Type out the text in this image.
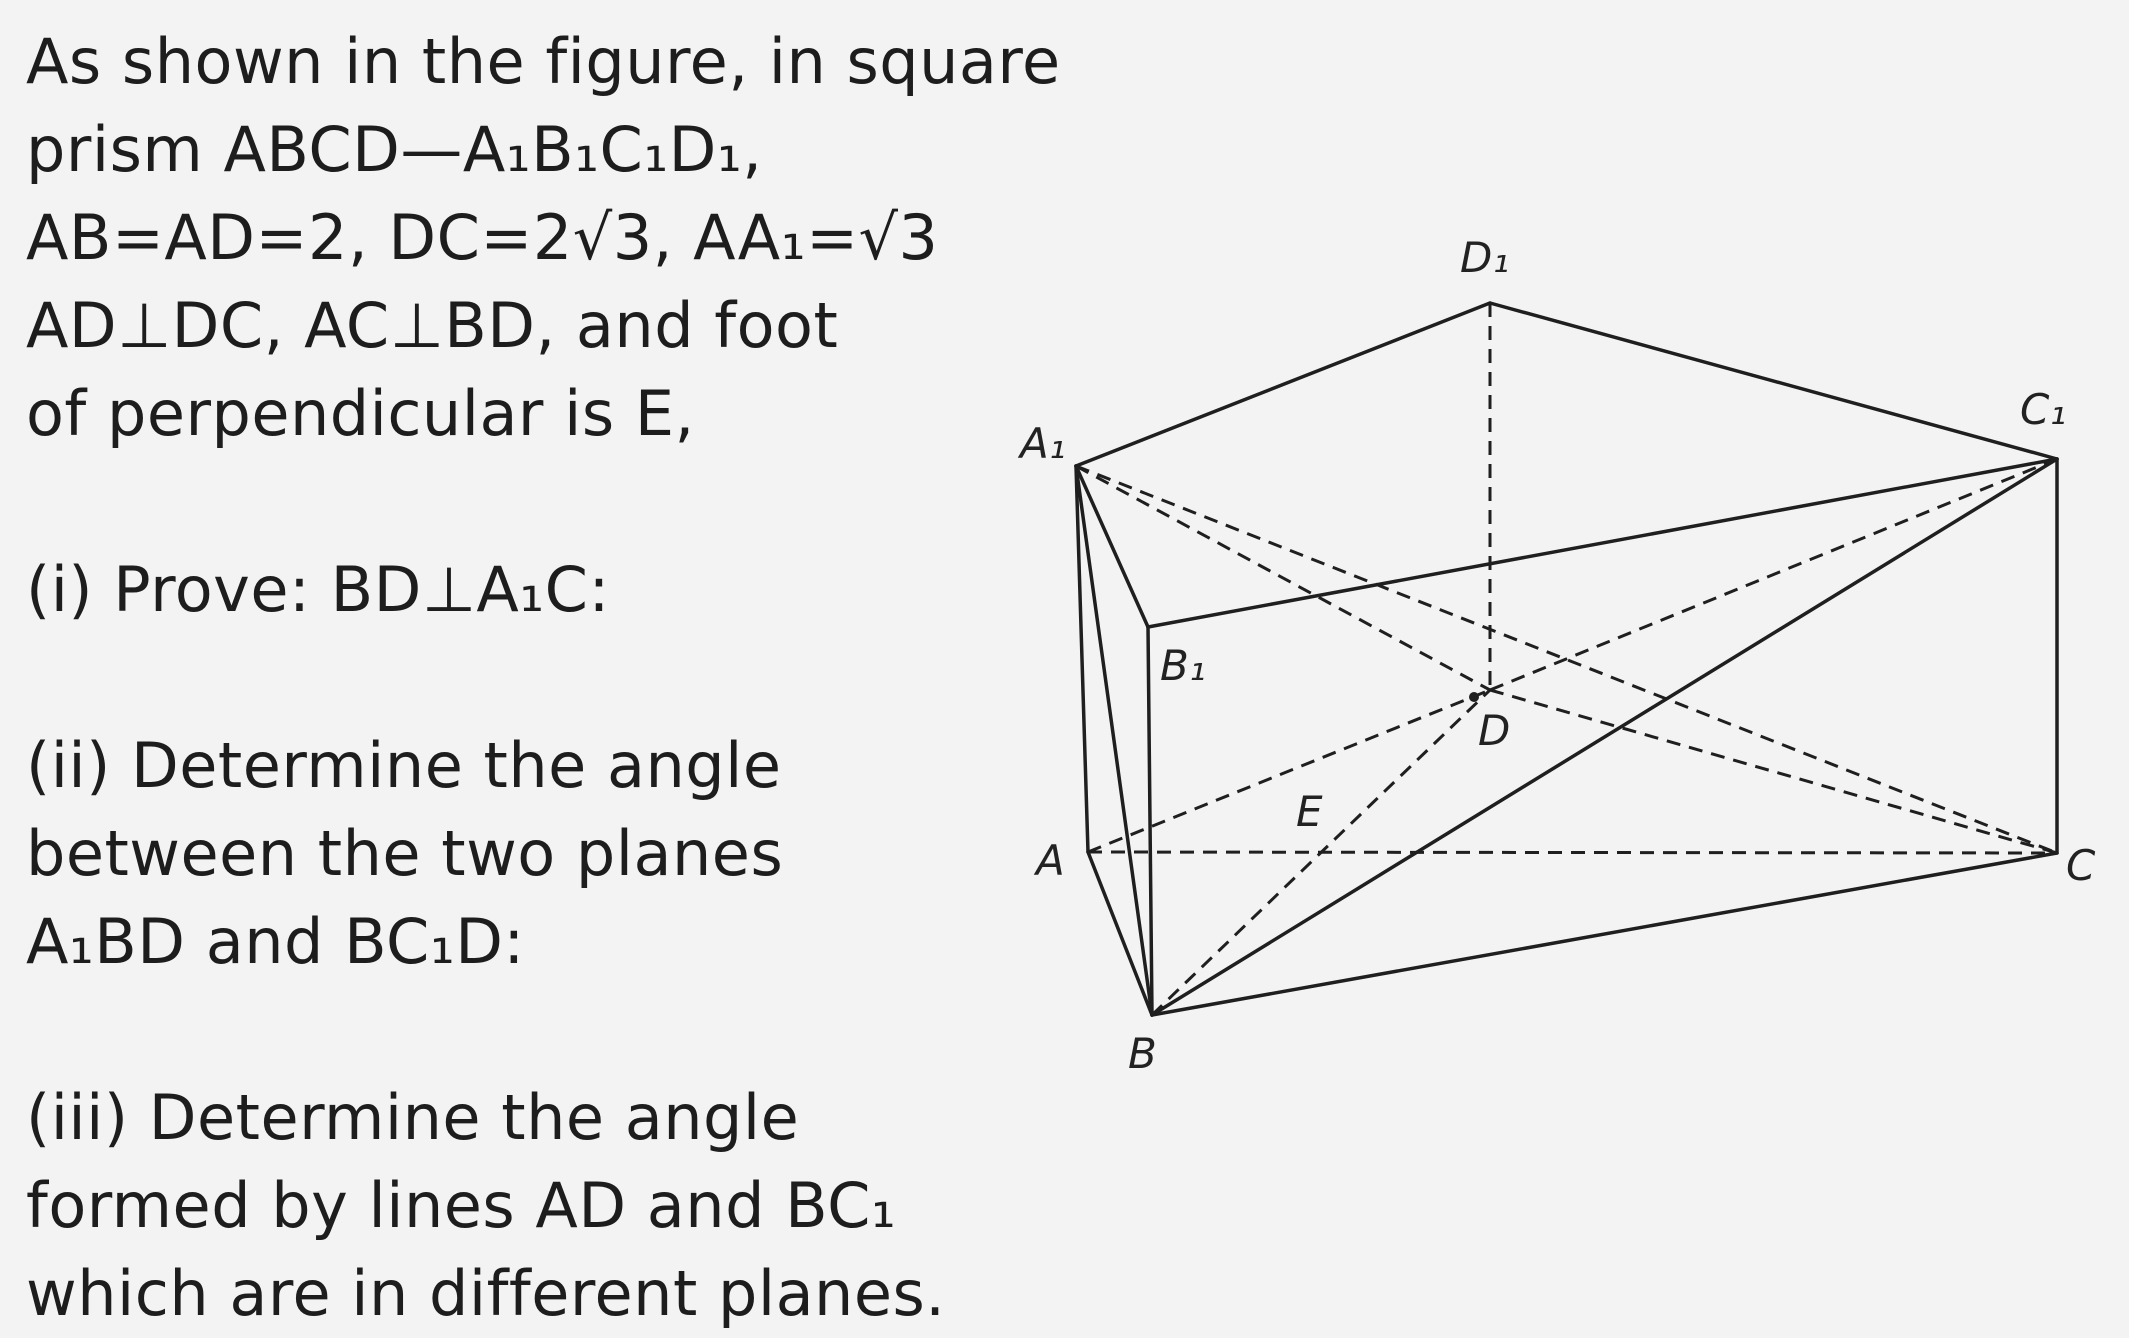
As shown in the figure, in square
prism ABCD—A₁B₁C₁D₁,
AB=AD=2, DC=2√3, AA₁=√3
AD⊥DC, AC⊥BD, and foot
of perpendicular is E,
(i) Prove: BD⊥A₁C:
(ii) Determine the angle
between the two planes
A₁BD and BC₁D:
(iii) Determine the angle
formed by lines AD and BC₁
which are in different planes.
D₁
C₁
A₁
B₁
D
E
A	C
B
